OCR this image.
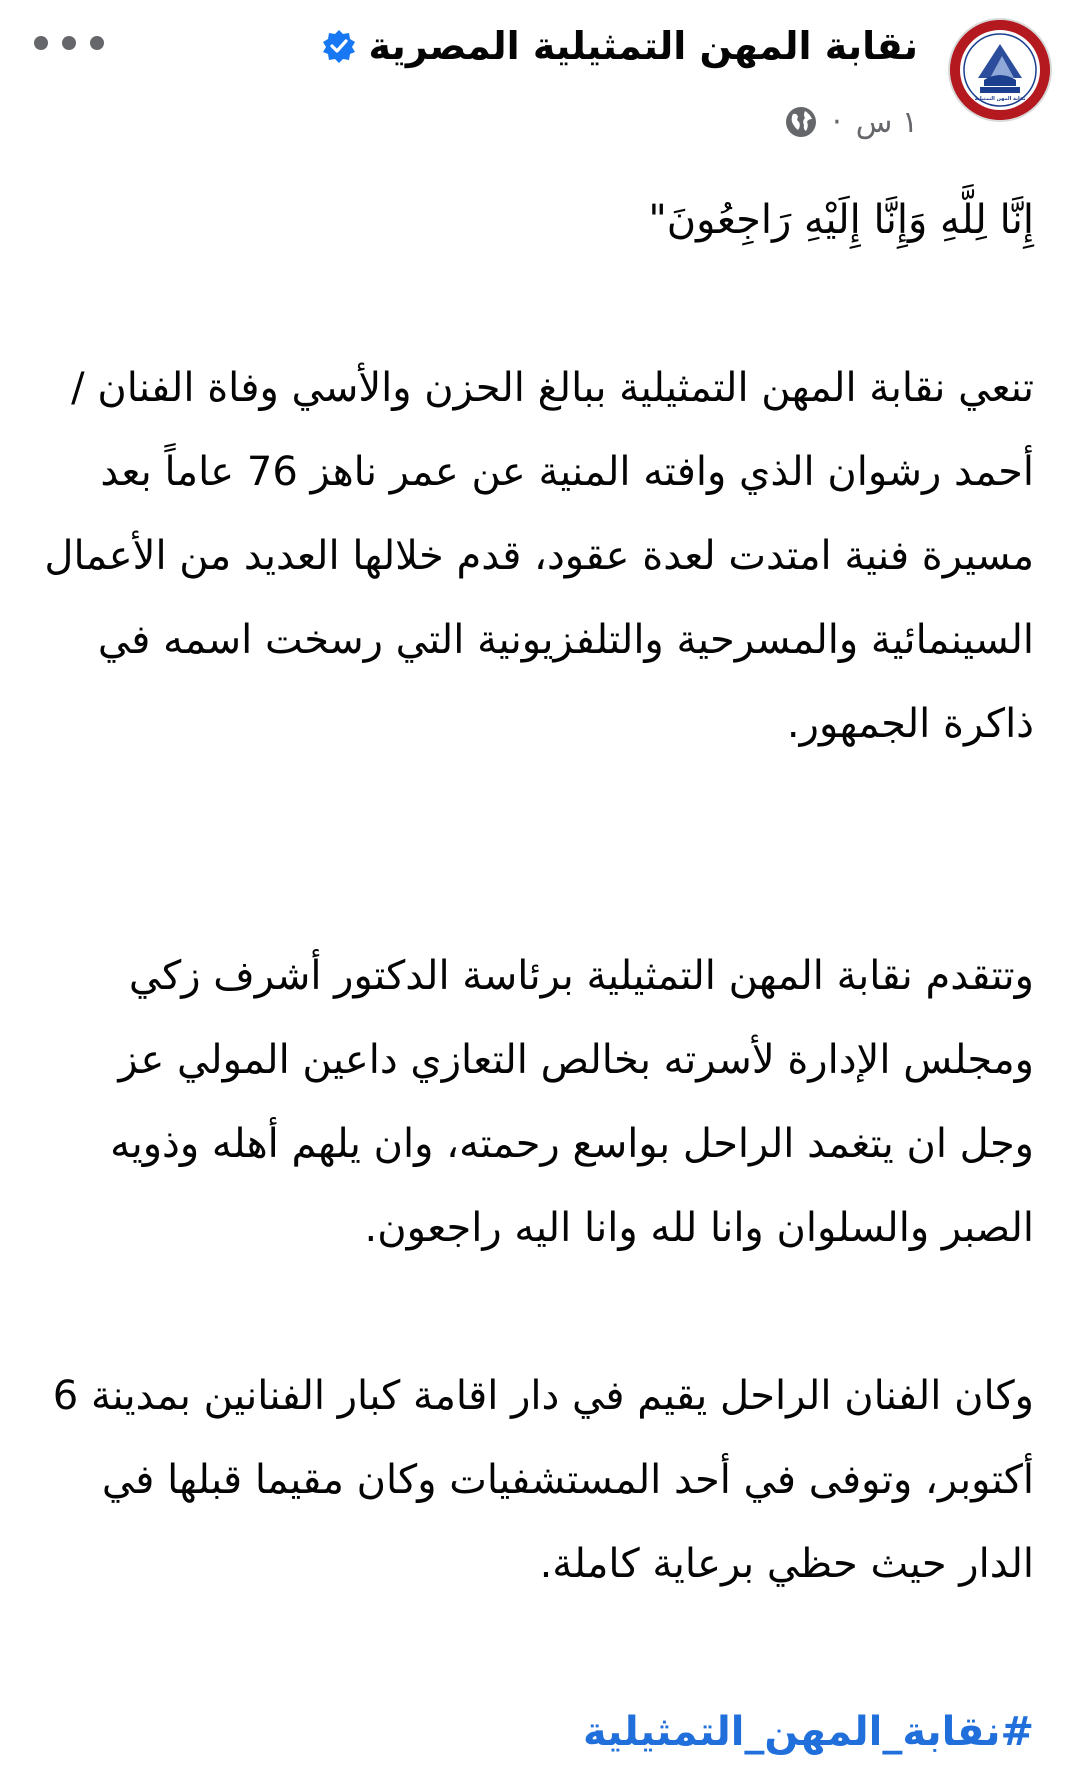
نقابة المهن التمثيلية
نقابة المهن التمثيلية المصرية
١ س
·

إِنَّا لِلَّهِ وَإِنَّا إِلَيْهِ رَاجِعُونَ"

تنعي نقابة المهن التمثيلية ببالغ الحزن والأسي وفاة الفنان / أحمد رشوان الذي وافته المنية عن عمر ناهز 76 عاماً بعد مسيرة فنية امتدت لعدة عقود، قدم خلالها العديد من الأعمال السينمائية والمسرحية والتلفزيونية التي رسخت اسمه في ذاكرة الجمهور.

وتتقدم نقابة المهن التمثيلية برئاسة الدكتور أشرف زكي ومجلس الإدارة لأسرته بخالص التعازي داعين المولي عز وجل ان يتغمد الراحل بواسع رحمته، وان يلهم أهله وذويه الصبر والسلوان وانا لله وانا اليه راجعون.

وكان الفنان الراحل يقيم في دار اقامة كبار الفنانين بمدينة 6 أكتوبر، وتوفى في أحد المستشفيات وكان مقيما قبلها في الدار حيث حظي برعاية كاملة.

#نقابة_المهن_التمثيلية
